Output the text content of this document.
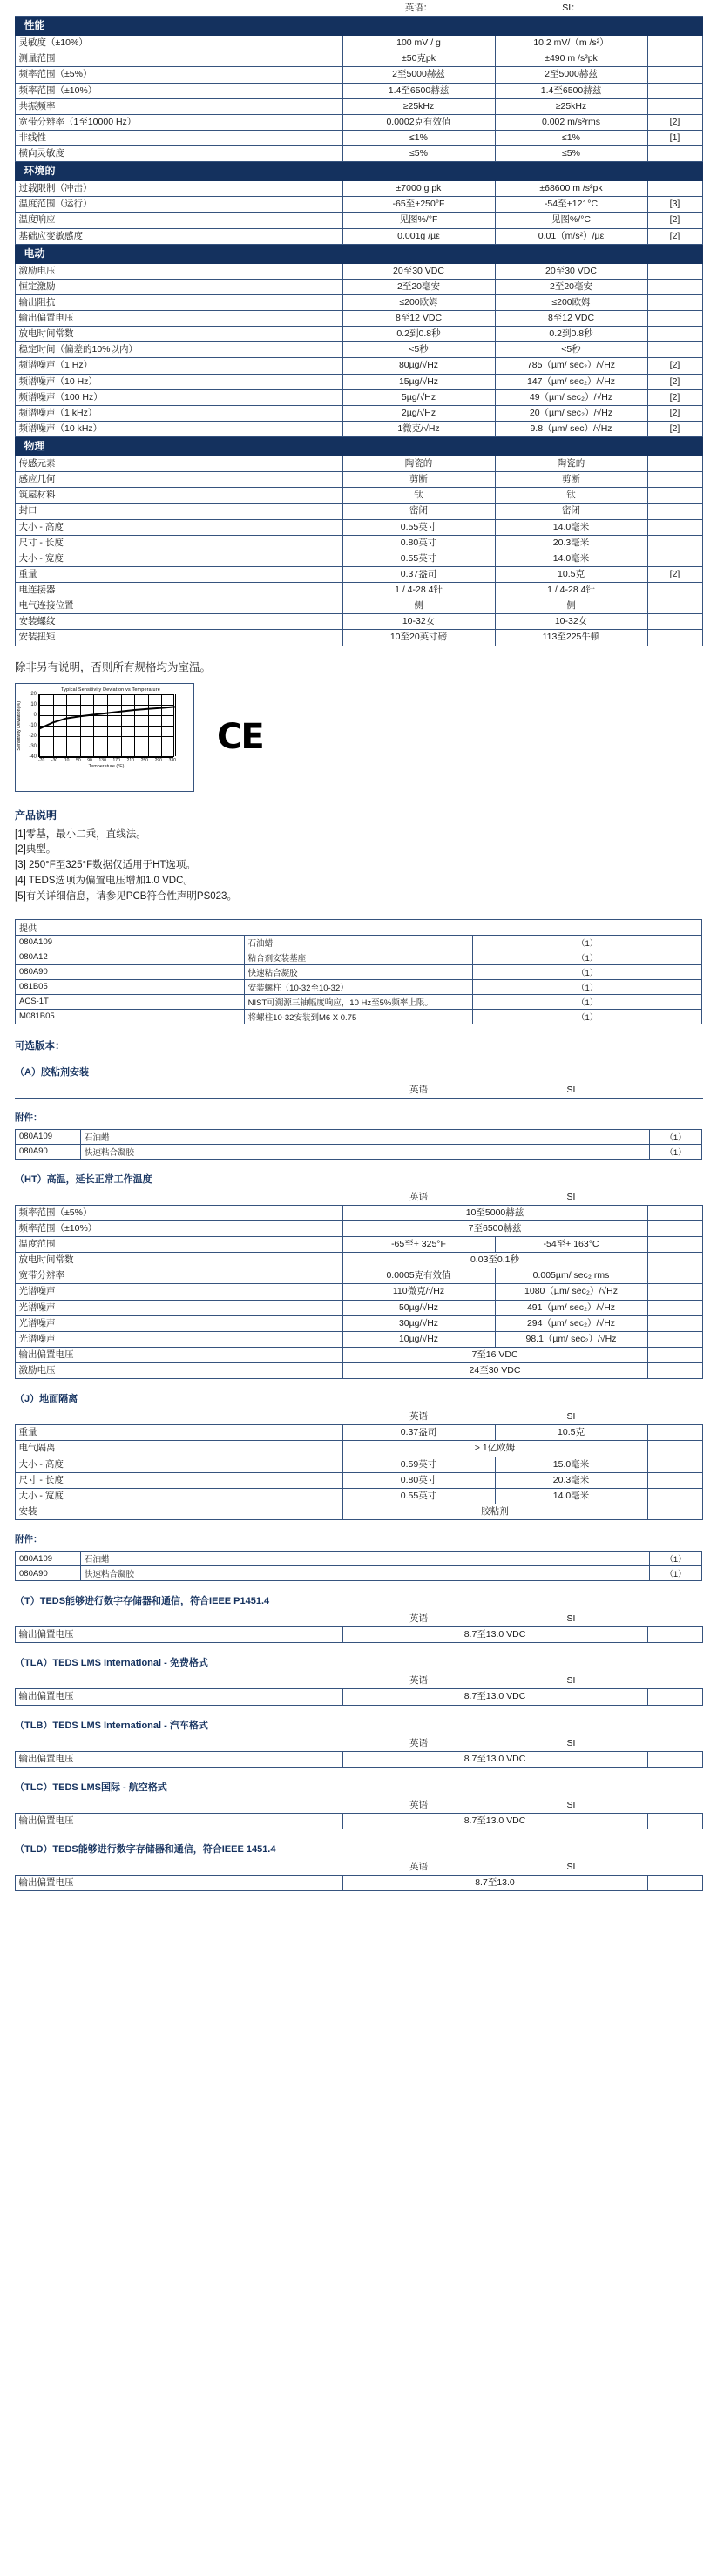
	英语：	SI：	
性能			
灵敏度（±10%）	100 mV / g	10.2 mV/（m /s²）	
测量范围	±50克pk	±490 m /s²pk	
频率范围（±5%）	2至5000赫兹	2至5000赫兹	
频率范围（±10%）	1.4至6500赫兹	1.4至6500赫兹	
共振频率	≥25kHz	≥25kHz	
宽带分辨率（1至10000 Hz）	0.0002克有效值	0.002 m/s²rms	[2]
非线性	≤1%	≤1%	[1]
横向灵敏度	≤5%	≤5%	
环境的			
过载限制（冲击）	±7000 g pk	±68600 m /s²pk	
温度范围（运行）	-65至+250°F	-54至+121°C	[3]
温度响应	见图%/°F	见图%/°C	[2]
基础应变敏感度	0.001g /µε	0.01（m/s²）/µε	[2]
电动			
激励电压	20至30 VDC	20至30 VDC	
恒定激励	2至20毫安	2至20毫安	
输出阻抗	≤200欧姆	≤200欧姆	
输出偏置电压	8至12 VDC	8至12 VDC	
放电时间常数	0.2到0.8秒	0.2到0.8秒	
稳定时间（偏差的10%以内）	<5秒	<5秒	
频谱噪声（1 Hz）	80µg/√Hz	785（µm/ sec₂）/√Hz	[2]
频谱噪声（10 Hz）	15µg/√Hz	147（µm/ sec₂）/√Hz	[2]
频谱噪声（100 Hz）	5µg/√Hz	49（µm/ sec₂）/√Hz	[2]
频谱噪声（1 kHz）	2µg/√Hz	20（µm/ sec₂）/√Hz	[2]
频谱噪声（10 kHz）	1微克/√Hz	9.8（µm/ sec）/√Hz	[2]
物理			
传感元素	陶瓷的	陶瓷的	
感应几何	剪断	剪断	
筑屋材料	钛	钛	
封口	密闭	密闭	
大小 - 高度	0.55英寸	14.0毫米	
尺寸 - 长度	0.80英寸	20.3毫米	
大小 - 宽度	0.55英寸	14.0毫米	
重量	0.37盎司	10.5克	[2]
电连接器	1 / 4-28 4针	1 / 4-28 4针	
电气连接位置	侧	侧	
安装螺纹	10-32女	10-32女	
安装扭矩	10至20英寸磅	113至225牛顿	
除非另有说明，否则所有规格均为室温。
Sensitivity Deviation(%)
Typical Sensitivity Deviation vs Temperature
20
10
0
-10
-20
-30
-40
-70 -30 10 50 90 130 170 210 250 290 330
Temperature (°F)
CE
产品说明
[1]零基，最小二乘，直线法。
[2]典型。
[3] 250°F至325°F数据仅适用于HT选项。
[4] TEDS选项为偏置电压增加1.0 VDC。
[5]有关详细信息，请参见PCB符合性声明PS023。
提供		
080A109	石油蜡	（1）
080A12	粘合剂安装基座	（1）
080A90	快速粘合凝胶	（1）
081B05	安装螺柱（10-32至10-32）	（1）
ACS-1T	NIST可溯源三轴幅度响应，10 Hz至5%频率上限。	（1）
M081B05	将螺柱10-32安装到M6 X 0.75	（1）
可选版本：
（A）胶粘剂安装
	英语	SI	
附件：
080A109	石油蜡	（1）
080A90	快速粘合凝胶	（1）
（HT）高温，延长正常工作温度
	英语	SI	
频率范围（±5%）	10至5000赫兹		
频率范围（±10%）	7至6500赫兹		
温度范围	-65至+ 325°F	-54至+ 163°C	
放电时间常数	0.03至0.1秒		
宽带分辨率	0.0005克有效值	0.005µm/ sec₂ rms	
光谱噪声	110微克/√Hz	1080（µm/ sec₂）/√Hz	
光谱噪声	50µg/√Hz	491（µm/ sec₂）/√Hz	
光谱噪声	30µg/√Hz	294（µm/ sec₂）/√Hz	
光谱噪声	10µg/√Hz	98.1（µm/ sec₂）/√Hz	
输出偏置电压	7至16 VDC		
激励电压	24至30 VDC		
（J）地面隔离
	英语	SI	
重量	0.37盎司	10.5克	
电气隔离	> 1亿欧姆		
大小 - 高度	0.59英寸	15.0毫米	
尺寸 - 长度	0.80英寸	20.3毫米	
大小 - 宽度	0.55英寸	14.0毫米	
安装	胶粘剂		
附件：
080A109	石油蜡	（1）
080A90	快速粘合凝胶	（1）
（T）TEDS能够进行数字存储器和通信，符合IEEE P1451.4
	英语	SI	
输出偏置电压	8.7至13.0 VDC		
（TLA）TEDS LMS International - 免费格式
	英语	SI	
输出偏置电压	8.7至13.0 VDC		
（TLB）TEDS LMS International - 汽车格式
	英语	SI	
输出偏置电压	8.7至13.0 VDC		
（TLC）TEDS LMS国际 - 航空格式
	英语	SI	
输出偏置电压	8.7至13.0 VDC		
（TLD）TEDS能够进行数字存储器和通信，符合IEEE 1451.4
	英语	SI	
输出偏置电压	8.7至13.0		
